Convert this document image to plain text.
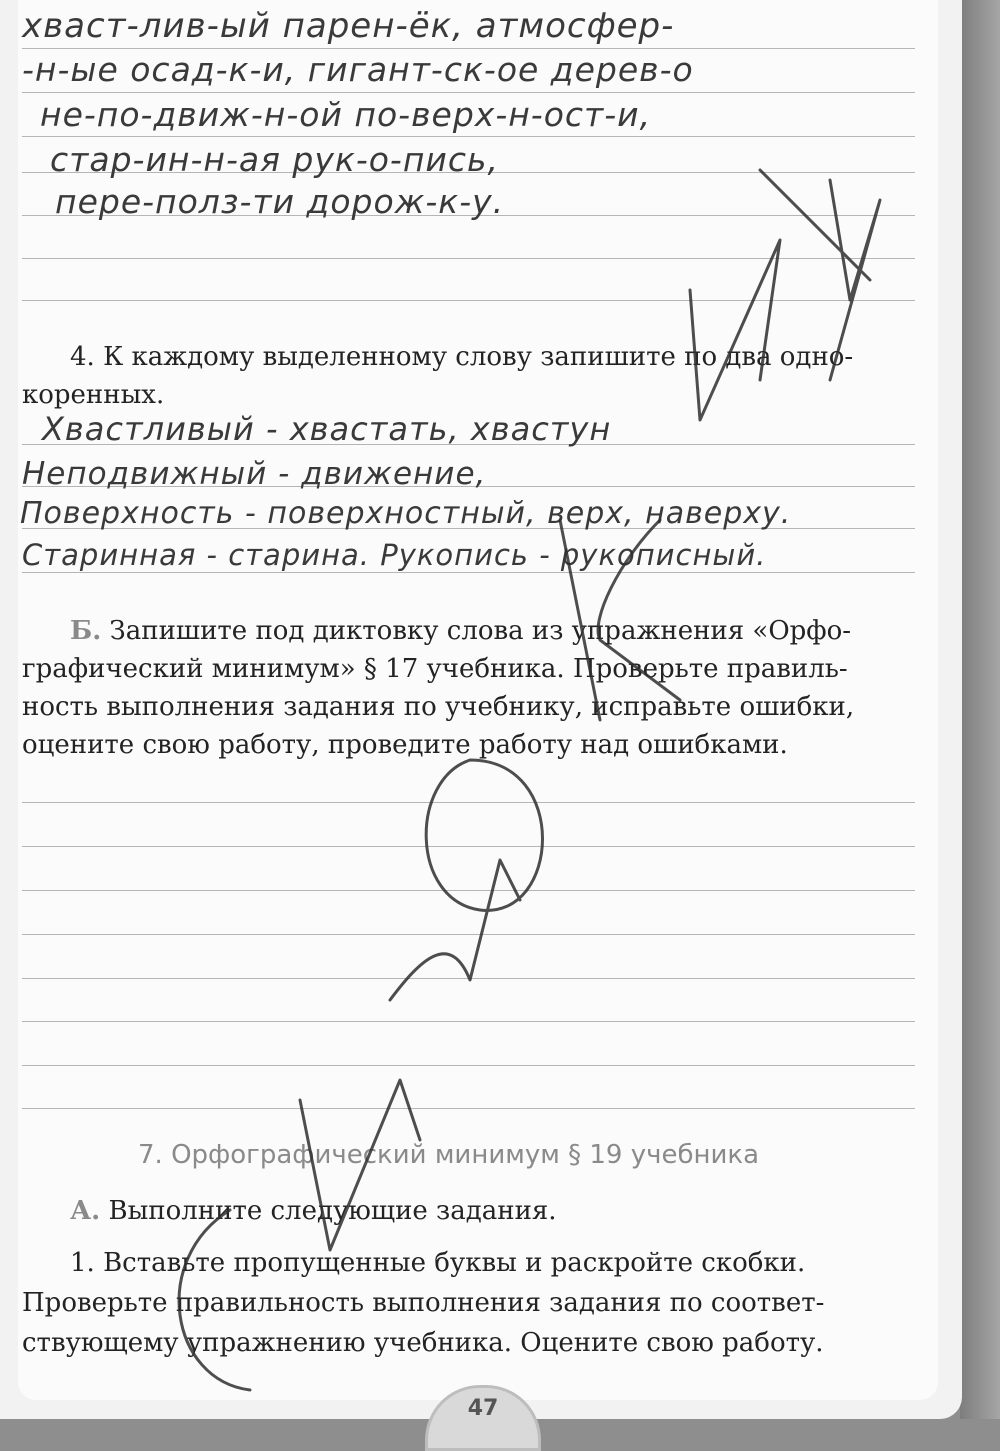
хваст-лив-ый парен-ёк, атмосфер-
-н-ые осад-к-и, гигант-ск-ое дерев-о
не-по-движ-н-ой по-верх-н-ост-и,
стар-ин-н-ая рук-о-пись,
пере-полз-ти дорож-к-у.
4. К каждому выделенному слову запишите по два одно-
коренных.
Хвастливый - хвастать, хвастун
Неподвижный - движение,
Поверхность - поверхностный, верх, наверху.
Старинная - старина. Рукопись - рукописный.
Б. Запишите под диктовку слова из упражнения «Орфо-
графический минимум» § 17 учебника. Проверьте правиль-
ность выполнения задания по учебнику, исправьте ошибки,
оцените свою работу, проведите работу над ошибками.
7. Орфографический минимум § 19 учебника
А. Выполните следующие задания.
1. Вставьте пропущенные буквы и раскройте скобки.
Проверьте правильность выполнения задания по соответ-
ствующему упражнению учебника. Оцените свою работу.
47
